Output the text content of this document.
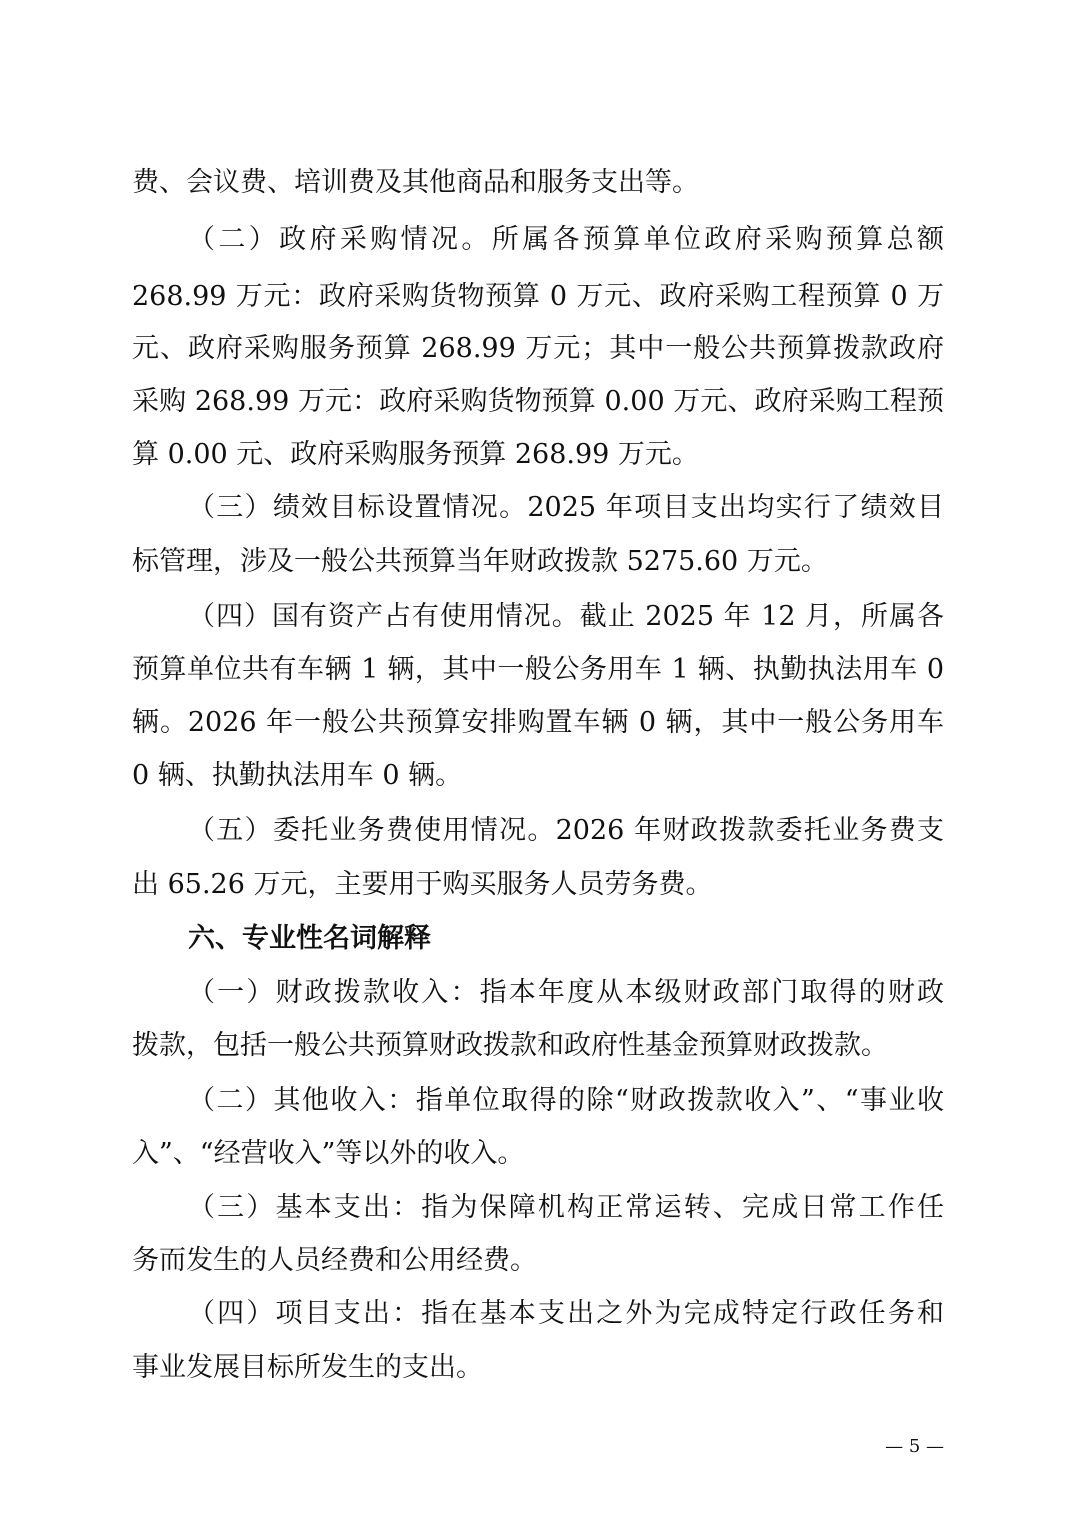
费、会议费、培训费及其他商品和服务支出等。
（二）政府采购情况。所属各预算单位政府采购预算总额
268.99 万元：政府采购货物预算 0 万元、政府采购工程预算 0 万
元、政府采购服务预算 268.99 万元；其中一般公共预算拨款政府
采购 268.99 万元：政府采购货物预算 0.00 万元、政府采购工程预
算 0.00 元、政府采购服务预算 268.99 万元。
（三）绩效目标设置情况。2025 年项目支出均实行了绩效目
标管理，涉及一般公共预算当年财政拨款 5275.60 万元。
（四）国有资产占有使用情况。截止 2025 年 12 月，所属各
预算单位共有车辆 1 辆，其中一般公务用车 1 辆、执勤执法用车 0
辆。2026 年一般公共预算安排购置车辆 0 辆，其中一般公务用车
0 辆、执勤执法用车 0 辆。
（五）委托业务费使用情况。2026 年财政拨款委托业务费支
出 65.26 万元，主要用于购买服务人员劳务费。
六、专业性名词解释
（一）财政拨款收入：指本年度从本级财政部门取得的财政
拨款，包括一般公共预算财政拨款和政府性基金预算财政拨款。
（二）其他收入：指单位取得的除“财政拨款收入”、“事业收
入”、“经营收入”等以外的收入。
（三）基本支出：指为保障机构正常运转、完成日常工作任
务而发生的人员经费和公用经费。
（四）项目支出：指在基本支出之外为完成特定行政任务和
事业发展目标所发生的支出。
— 5 —
